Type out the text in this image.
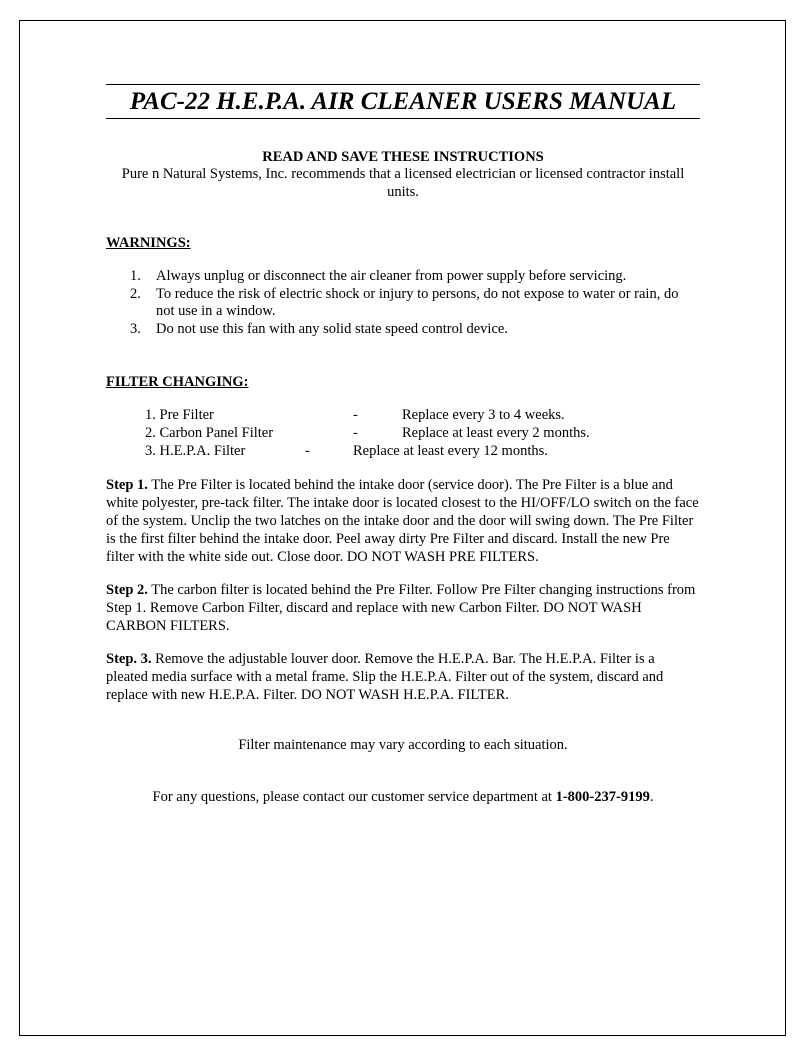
PAC-22 H.E.P.A. AIR CLEANER USERS MANUAL

READ AND SAVE THESE INSTRUCTIONS

Pure n Natural Systems, Inc. recommends that a licensed electrician or licensed contractor install units.

WARNINGS:

1. Always unplug or disconnect the air cleaner from power supply before servicing.
2. To reduce the risk of electric shock or injury to persons, do not expose to water or rain, do not use in a window.
3. Do not use this fan with any solid state speed control device.

FILTER CHANGING:

1. Pre Filter	-	Replace every 3 to 4 weeks.
2. Carbon Panel Filter	-	Replace at least every 2 months.
3. H.E.P.A. Filter	-	Replace at least every 12 months.

Step 1. The Pre Filter is located behind the intake door (service door). The Pre Filter is a blue and white polyester, pre-tack filter. The intake door is located closest to the HI/OFF/LO switch on the face of the system. Unclip the two latches on the intake door and the door will swing down. The Pre Filter is the first filter behind the intake door. Peel away dirty Pre Filter and discard. Install the new Pre filter with the white side out. Close door. DO NOT WASH PRE FILTERS.

Step 2. The carbon filter is located behind the Pre Filter. Follow Pre Filter changing instructions from Step 1. Remove Carbon Filter, discard and replace with new Carbon Filter. DO NOT WASH CARBON FILTERS.

Step. 3. Remove the adjustable louver door. Remove the H.E.P.A. Bar. The H.E.P.A. Filter is a pleated media surface with a metal frame. Slip the H.E.P.A. Filter out of the system, discard and replace with new H.E.P.A. Filter. DO NOT WASH H.E.P.A. FILTER.

Filter maintenance may vary according to each situation.

For any questions, please contact our customer service department at 1-800-237-9199.
